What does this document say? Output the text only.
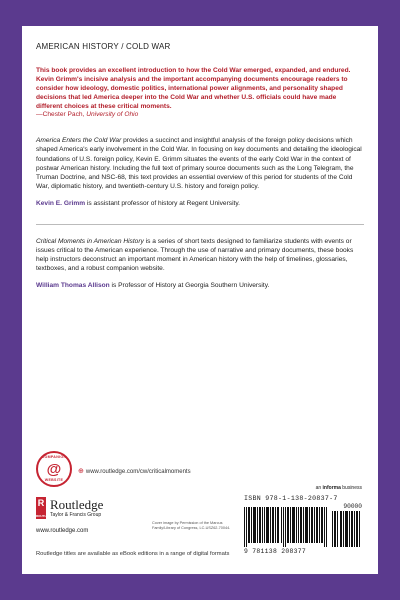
AMERICAN HISTORY / COLD WAR

This book provides an excellent introduction to how the Cold War emerged, expanded, and endured. Kevin Grimm's incisive analysis and the important accompanying documents encourage readers to consider how ideology, domestic politics, international power alignments, and personality shaped decisions that led America deeper into the Cold War and whether U.S. officials could have made different choices at these critical moments.

—Chester Pach, University of Ohio

America Enters the Cold War provides a succinct and insightful analysis of the foreign policy decisions which shaped America's early involvement in the Cold War. In focusing on key documents and detailing the ideological foundations of U.S. foreign policy, Kevin E. Grimm situates the events of the early Cold War in the context of postwar American history. Including the full text of primary source documents such as the Long Telegram, the Truman Doctrine, and NSC-68, this text provides an essential overview of this period for students of the Cold War, diplomatic history, and twentieth-century U.S. history and foreign policy.

Kevin E. Grimm is assistant professor of history at Regent University.

Critical Moments in American History is a series of short texts designed to familiarize students with events or issues critical to the American experience. Through the use of narrative and primary documents, these books help instructors deconstruct an important moment in American history with the help of timelines, glossaries, textboxes, and a robust companion website.

William Thomas Allison is Professor of History at Georgia Southern University.

COMPANION
@
WEBSITE
⊕ www.routledge.com/cw/criticalmoments
R
ROUTLEDGE
Routledge
Taylor & Francis Group
www.routledge.com
Cover image by Permission of the Marcus Family/Library of Congress, LC-USZ62-70044.
Routledge titles are available as eBook editions in a range of digital formats
an informa business
ISBN 978-1-138-20837-7
90000
9 781138 208377
